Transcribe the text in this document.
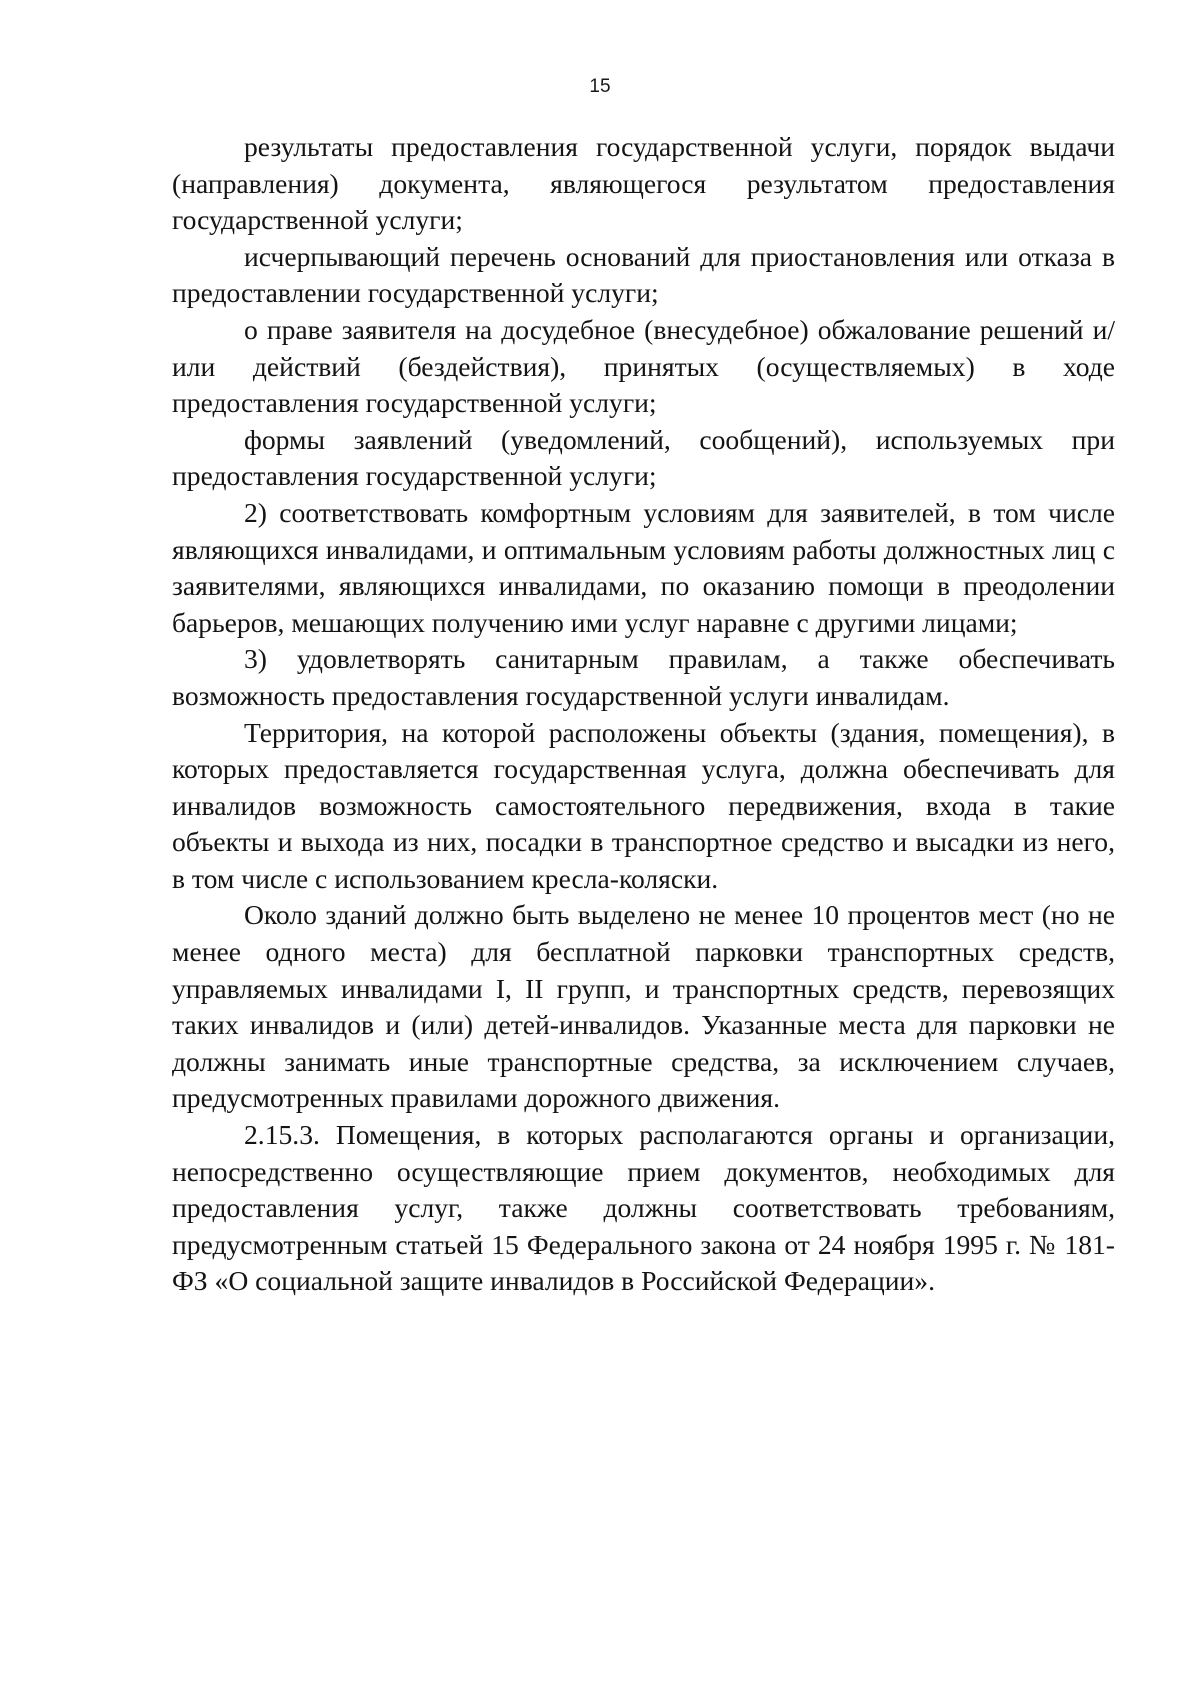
15

результаты предоставления государственной услуги, порядок выдачи (направления) документа, являющегося результатом предоставления государственной услуги;

исчерпывающий перечень оснований для приостановления или отказа в предоставлении государственной услуги;

о праве заявителя на досудебное (внесудебное) обжалование решений и/или действий (бездействия), принятых (осуществляемых) в ходе предоставления государственной услуги;

формы заявлений (уведомлений, сообщений), используемых при предоставления государственной услуги;

2) соответствовать комфортным условиям для заявителей, в том числе являющихся инвалидами, и оптимальным условиям работы должностных лиц с заявителями, являющихся инвалидами, по оказанию помощи в преодолении барьеров, мешающих получению ими услуг наравне с другими лицами;

3) удовлетворять санитарным правилам, а также обеспечивать возможность предоставления государственной услуги инвалидам.

Территория, на которой расположены объекты (здания, помещения), в которых предоставляется государственная услуга, должна обеспечивать для инвалидов возможность самостоятельного передвижения, входа в такие объекты и выхода из них, посадки в транспортное средство и высадки из него, в том числе с использованием кресла-коляски.

Около зданий должно быть выделено не менее 10 процентов мест (но не менее одного места) для бесплатной парковки транспортных средств, управляемых инвалидами I, II групп, и транспортных средств, перевозящих таких инвалидов и (или) детей-инвалидов. Указанные места для парковки не должны занимать иные транспортные средства, за исключением случаев, предусмотренных правилами дорожного движения.

2.15.3. Помещения, в которых располагаются органы и организации, непосредственно осуществляющие прием документов, необходимых для предоставления услуг, также должны соответствовать требованиям, предусмотренным статьей 15 Федерального закона от 24 ноября 1995 г. № 181-ФЗ «О социальной защите инвалидов в Российской Федерации».
